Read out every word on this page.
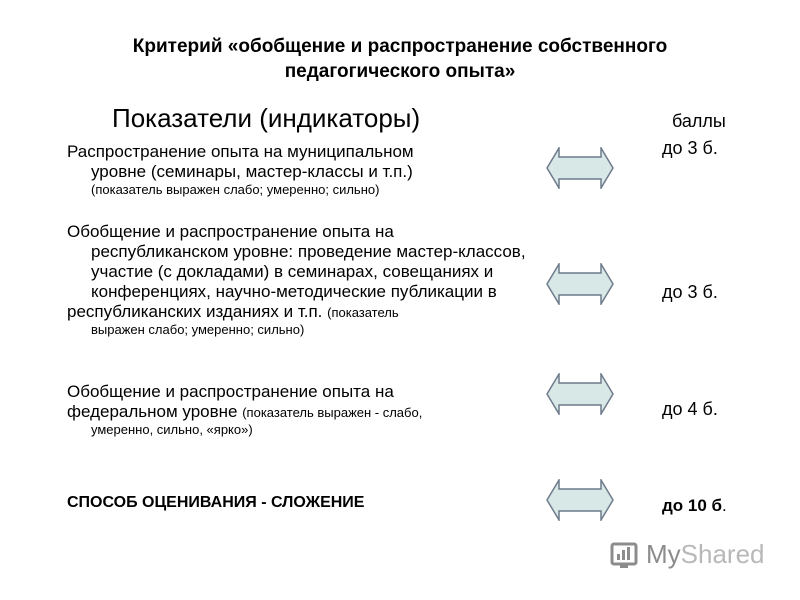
Критерий «обобщение и распространение собственного педагогического опыта»
Показатели (индикаторы)	баллы
Распространение опыта на муниципальном
уровне (семинары, мастер-классы и т.п.)
(показатель выражен слабо; умеренно; сильно)
до 3 б.
Обобщение и распространение опыта на
республиканском уровне: проведение мастер-классов, участие (с докладами) в семинарах, совещаниях и конференциях, научно-методические публикации в
республиканских изданиях и т.п. (показатель
выражен слабо; умеренно; сильно)
до 3 б.
Обобщение и распространение опыта на
федеральном уровне (показатель выражен - слабо,
умеренно, сильно, «ярко»)
до 4 б.
СПОСОБ ОЦЕНИВАНИЯ - СЛОЖЕНИЕ	до 10 б.
MyShared
